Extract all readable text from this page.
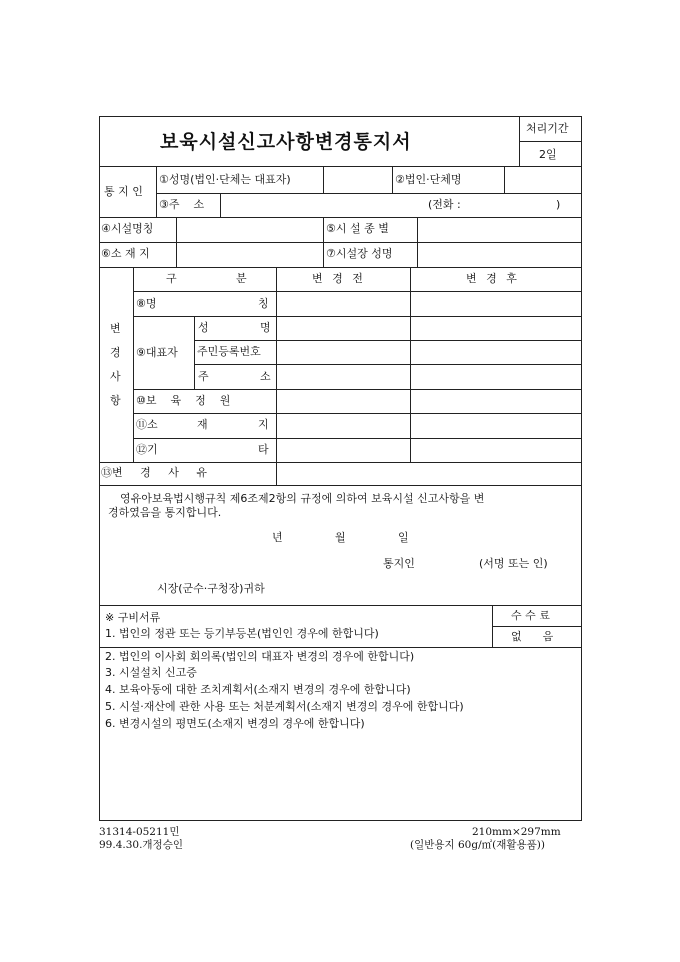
보육시설신고사항변경통지서
처리기간
2일
통 지 인
①성명(법인·단체는 대표자)	②법인·단체명
③주    소	(전화 :	)
④시설명칭	⑤시 설 종 별
⑥소 재 지	⑦시설장 성명
구	분	변 경 전	변 경 후
변
경
사
항
⑧명	칭
⑨대표자
성	명
주민등록번호
주	소
⑩보    육    정    원
⑪소	재	지
⑫기	타
⑬변     경     사     유
영유아보육법시행규칙 제6조제2항의 규정에 의하여 보육시설 신고사항을 변
경하였음을 통지합니다.
년	월	일
통지인	(서명 또는 인)
시장(군수·구청장)귀하
※ 구비서류
1. 법인의 정관 또는 등기부등본(법인인 경우에 한합니다)
2. 법인의 이사회 회의록(법인의 대표자 변경의 경우에 한합니다)
3. 시설설치 신고증
4. 보육아동에 대한 조치계획서(소재지 변경의 경우에 한합니다)
5. 시설·재산에 관한 사용 또는 처분계획서(소재지 변경의 경우에 한합니다)
6. 변경시설의 평면도(소재지 변경의 경우에 한합니다)
수 수 료
없      음
31314-05211민
99.4.30.개정승인
210mm×297mm
(일반용지 60g/㎡(재활용품))
